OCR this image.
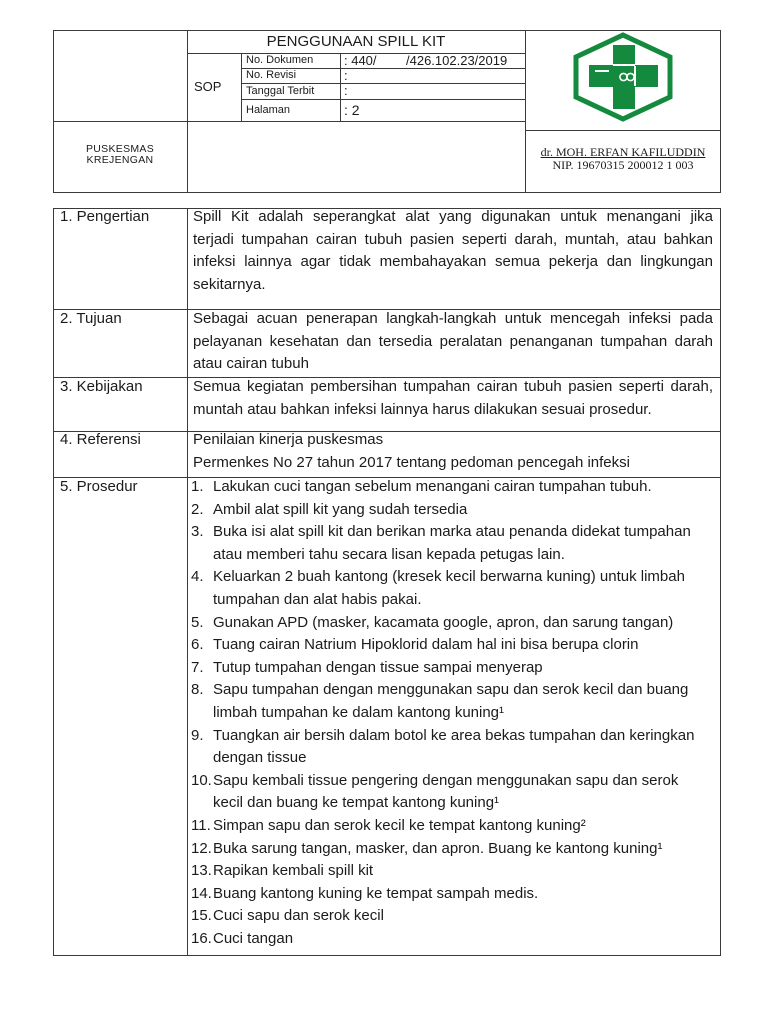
PENGGUNAAN SPILL KIT
SOP
No. Dokumen : 440/ /426.102.23/2019
No. Revisi	:
Tanggal Terbit :
Halaman	: 2
PUSKESMAS
KREJENGAN
dr. MOH. ERFAN KAFILUDDIN
NIP. 19670315 200012 1 003
1. Pengertian	Spill Kit adalah seperangkat alat yang digunakan untuk menangani jika
terjadi tumpahan cairan tubuh pasien seperti darah, muntah, atau bahkan
infeksi lainnya agar tidak membahayakan semua pekerja dan lingkungan
sekitarnya.
2. Tujuan	Sebagai acuan penerapan langkah-langkah untuk mencegah infeksi pada
pelayanan kesehatan dan tersedia peralatan penanganan tumpahan darah
atau cairan tubuh
3. Kebijakan	Semua kegiatan pembersihan tumpahan cairan tubuh pasien seperti darah,
muntah atau bahkan infeksi lainnya harus dilakukan sesuai prosedur.
4. Referensi	Penilaian kinerja puskesmas
Permenkes No 27 tahun 2017 tentang pedoman pencegah infeksi
5. Prosedur	1. Lakukan cuci tangan sebelum menangani cairan tumpahan tubuh.
2. Ambil alat spill kit yang sudah tersedia
3. Buka isi alat spill kit dan berikan marka atau penanda didekat tumpahan
atau memberi tahu secara lisan kepada petugas lain.
4. Keluarkan 2 buah kantong (kresek kecil berwarna kuning) untuk limbah
tumpahan dan alat habis pakai.
5. Gunakan APD (masker, kacamata google, apron, dan sarung tangan)
6. Tuang cairan Natrium Hipoklorid dalam hal ini bisa berupa clorin
7. Tutup tumpahan dengan tissue sampai menyerap
8. Sapu tumpahan dengan menggunakan sapu dan serok kecil dan buang
limbah tumpahan ke dalam kantong kuning¹
9. Tuangkan air bersih dalam botol ke area bekas tumpahan dan keringkan
dengan tissue
10. Sapu kembali tissue pengering dengan menggunakan sapu dan serok
kecil dan buang ke tempat kantong kuning¹
11. Simpan sapu dan serok kecil ke tempat kantong kuning²
12. Buka sarung tangan, masker, dan apron. Buang ke kantong kuning¹
13. Rapikan kembali spill kit
14. Buang kantong kuning ke tempat sampah medis.
15. Cuci sapu dan serok kecil
16. Cuci tangan
